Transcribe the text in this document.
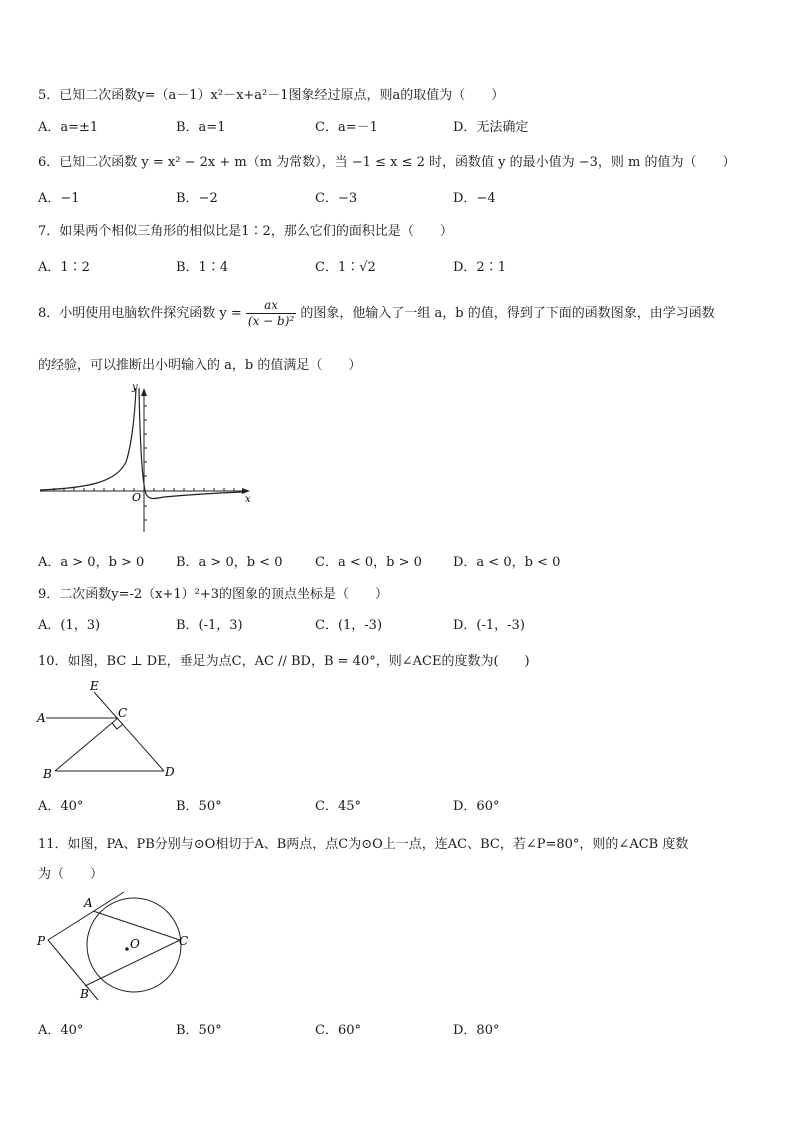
5．已知二次函数y=（a－1）x²－x+a²－1图象经过原点，则a的取值为（　　）
A．a=±1	B．a=1	C．a=－1	D．无法确定
6．已知二次函数 y = x² − 2x + m（m 为常数），当 −1 ≤ x ≤ 2 时，函数值 y 的最小值为 −3，则 m 的值为（　　）
A．−1	B．−2	C．−3	D．−4
7．如果两个相似三角形的相似比是1∶2，那么它们的面积比是（　　）
A．1∶2	B．1∶4	C．1∶√2	D．2∶1
8．小明使用电脑软件探究函数 $y = \frac{ax}{\text{(x − b)²}}$ 的图象，他输入了一组 a，b 的值，得到了下面的函数图象，由学习函数
的经验，可以推断出小明输入的 a，b 的值满足（　　）
y
x
O
A．a > 0，b > 0 B．a > 0，b < 0	C．a < 0，b > 0 D．a < 0，b < 0
9．二次函数y=-2（x+1）²+3的图象的顶点坐标是（　　）
A．(1，3)	B．(-1，3)	C．(1，-3)	D．(-1，-3)
10．如图，BC ⊥ DE，垂足为点C，AC // BD，B = 40°，则∠ACE的度数为(　　)
E
A	C
B	D
A．40°	B．50°	C．45°	D．60°
11．如图，PA、PB分别与⊙O相切于A、B两点，点C为⊙O上一点，连AC、BC，若∠P=80°，则的∠ACB 度数
为（　　）
A
P	O	C
B
A．40°	B．50°	C．60°	D．80°
